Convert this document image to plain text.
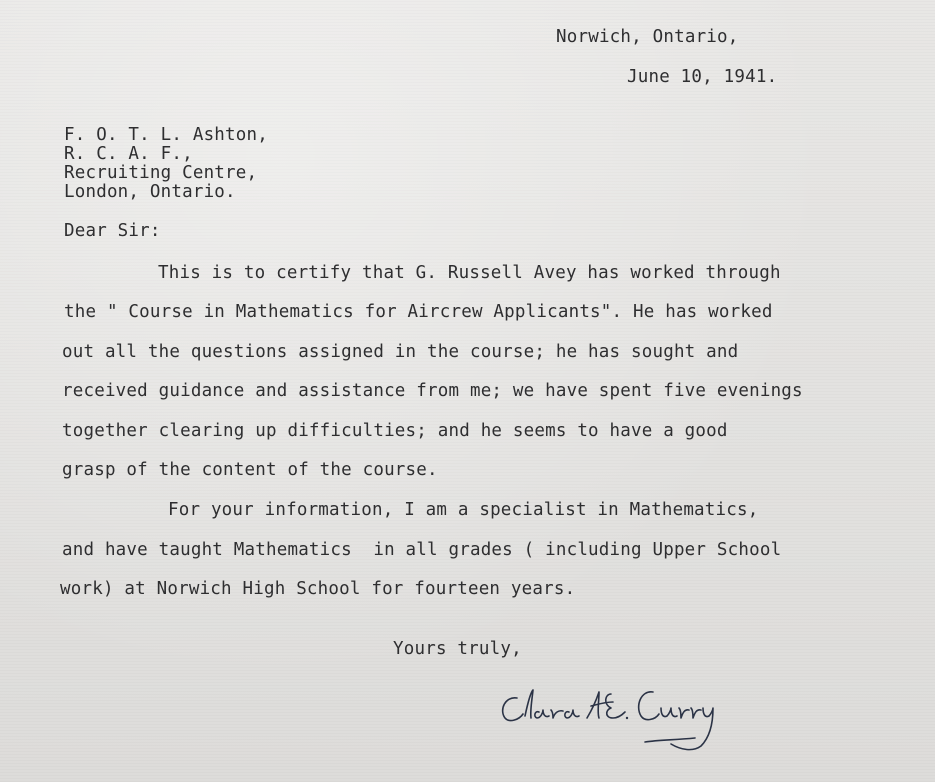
Norwich, Ontario,
June 10, 1941.
F. O. T. L. Ashton,
R. C. A. F.,
Recruiting Centre,
London, Ontario.
Dear Sir:
This is to certify that G. Russell Avey has worked through
the " Course in Mathematics for Aircrew Applicants". He has worked
out all the questions assigned in the course; he has sought and
received guidance and assistance from me; we have spent five evenings
together clearing up difficulties; and he seems to have a good
grasp of the content of the course.
For your information, I am a specialist in Mathematics,
and have taught Mathematics  in all grades ( including Upper School
work) at Norwich High School for fourteen years.
Yours truly,
